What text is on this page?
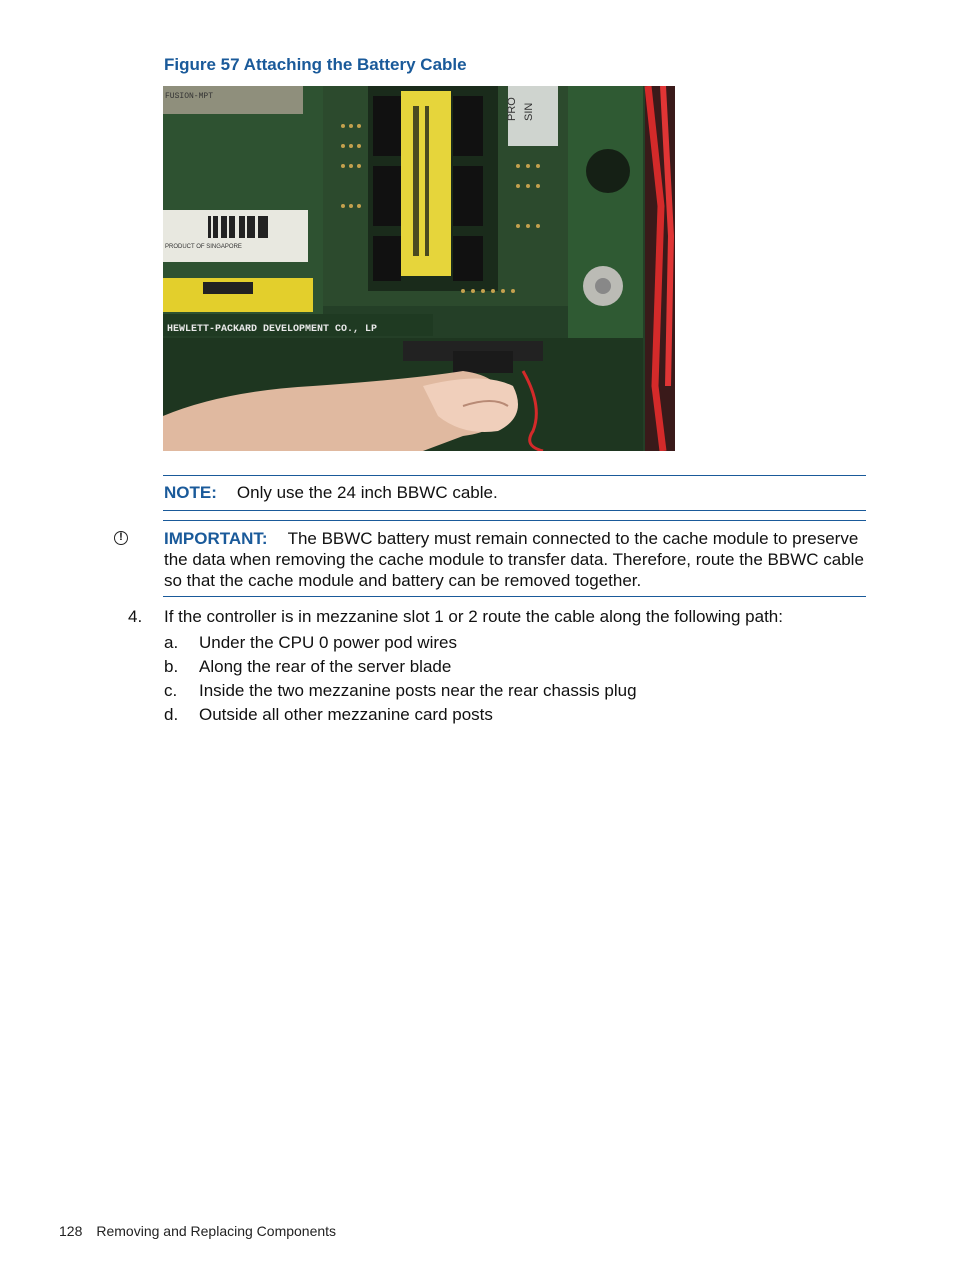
Figure 57 Attaching the Battery Cable
FUSION-MPT
PRODUCT OF SINGAPORE
HEWLETT-PACKARD DEVELOPMENT CO., LP
PRO SIN
NOTE: Only use the 24 inch BBWC cable.
!	IMPORTANT: The BBWC battery must remain connected to the cache module to preserve the data when removing the cache module to transfer data. Therefore, route the BBWC cable so that the cache module and battery can be removed together.
4. If the controller is in mezzanine slot 1 or 2 route the cable along the following path:
a. Under the CPU 0 power pod wires
b. Along the rear of the server blade
c. Inside the two mezzanine posts near the rear chassis plug
d. Outside all other mezzanine card posts
128 Removing and Replacing Components
